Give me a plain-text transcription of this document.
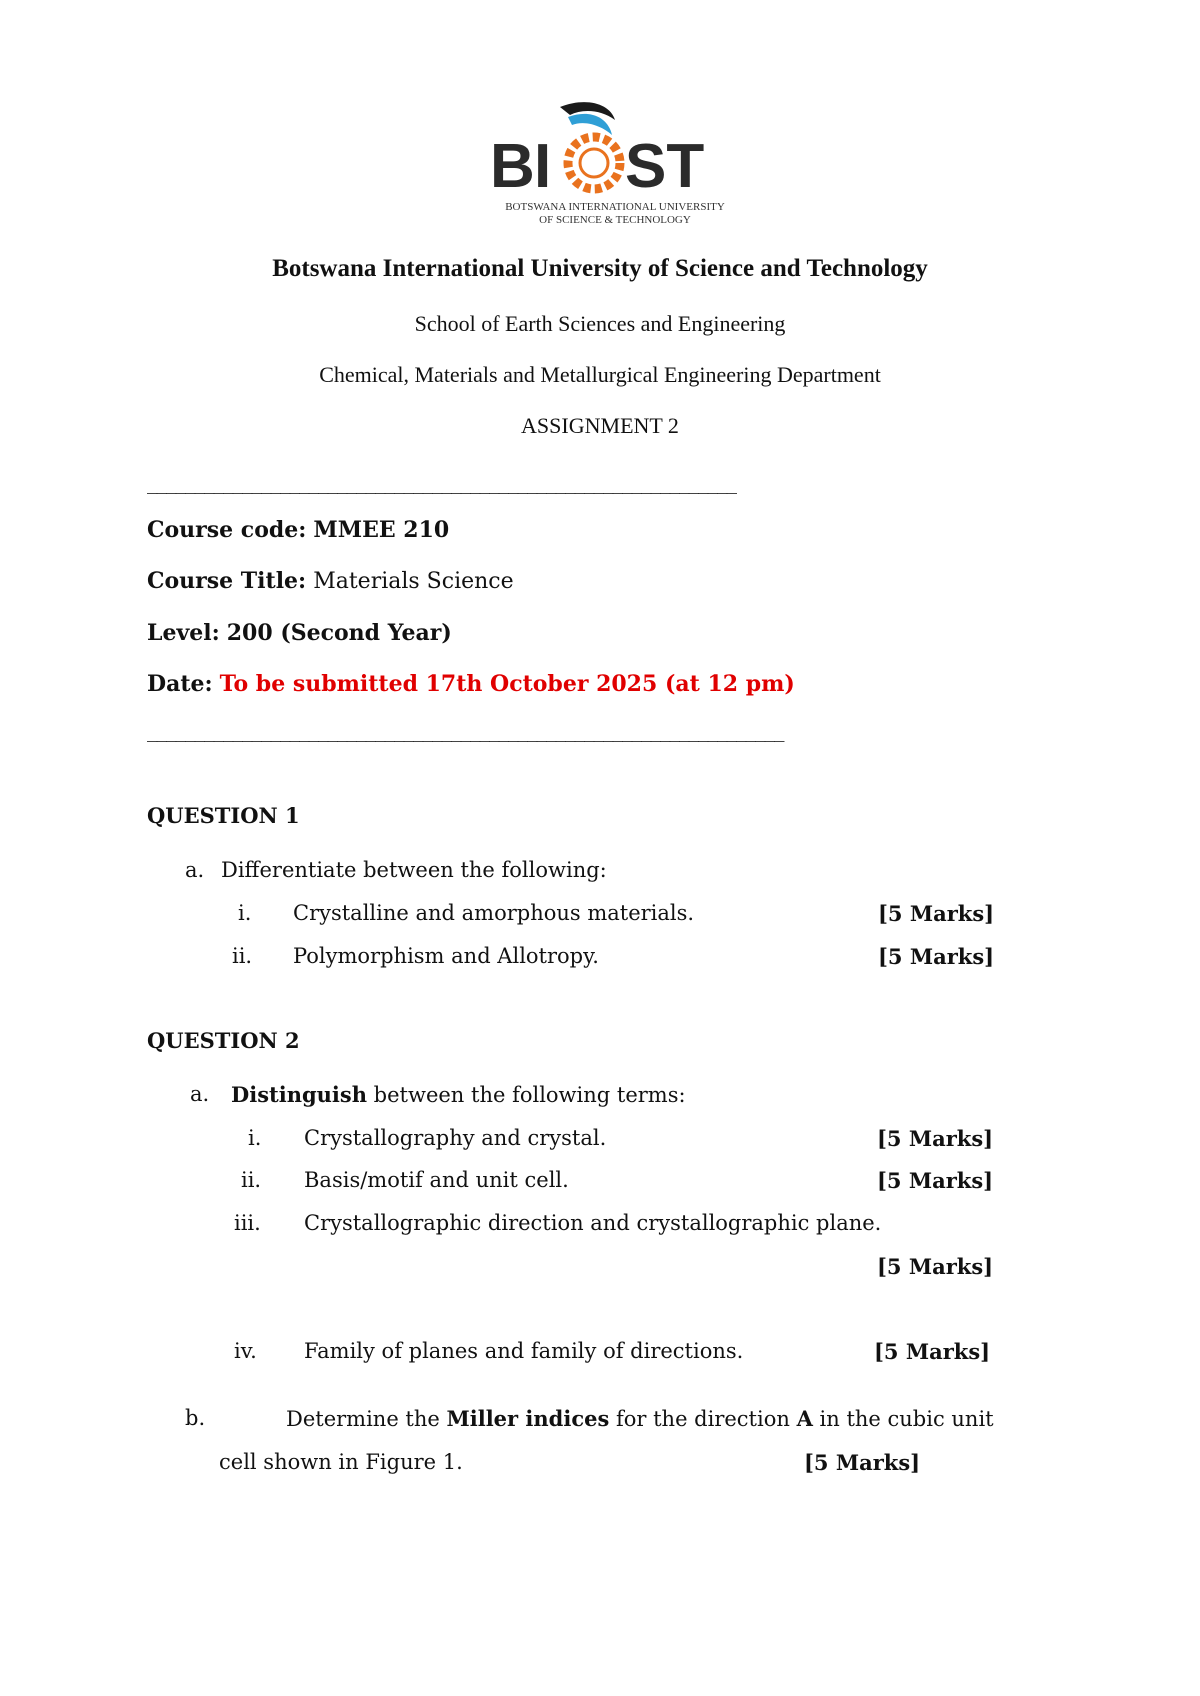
B I ST
BOTSWANA INTERNATIONAL UNIVERSITY
OF SCIENCE & TECHNOLOGY
Botswana International University of Science and Technology
School of Earth Sciences and Engineering
Chemical, Materials and Metallurgical Engineering Department
ASSIGNMENT 2
______________________________________________________________
Course code: MMEE 210
Course Title: Materials Science
Level: 200 (Second Year)
Date: To be submitted 17th October 2025 (at 12 pm)
___________________________________________________________________
QUESTION 1
a. Differentiate between the following:
i. Crystalline and amorphous materials.	[5 Marks]
ii. Polymorphism and Allotropy.	[5 Marks]
QUESTION 2
a. Distinguish between the following terms:
i. Crystallography and crystal.	[5 Marks]
ii. Basis/motif and unit cell.	[5 Marks]
iii. Crystallographic direction and crystallographic plane.
[5 Marks]
iv. Family of planes and family of directions.	[5 Marks]
b.	Determine the Miller indices for the direction A in the cubic unit
cell shown in Figure 1.	[5 Marks]
